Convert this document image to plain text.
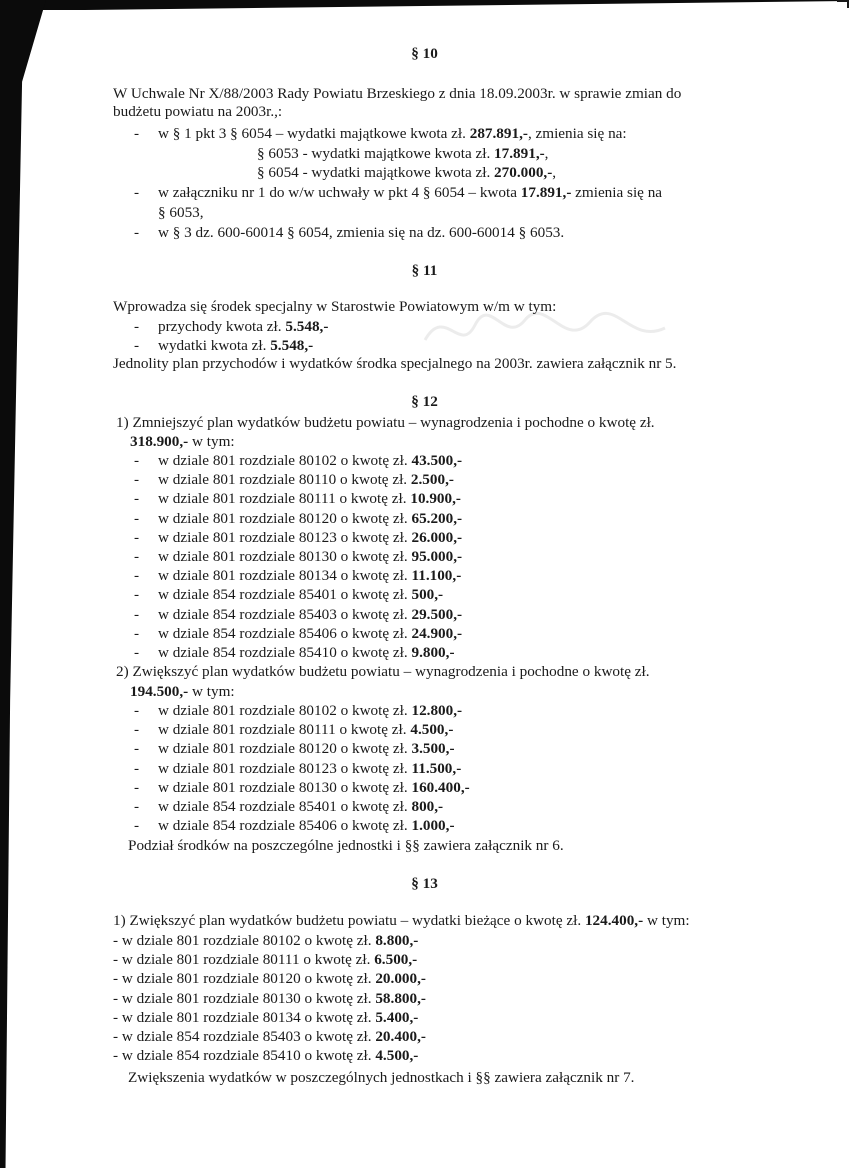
§ 10
W Uchwale Nr X/88/2003 Rady Powiatu Brzeskiego z dnia 18.09.2003r. w sprawie zmian do
budżetu powiatu na 2003r.,:
- w § 1 pkt 3 § 6054 – wydatki majątkowe kwota zł. 287.891,-, zmienia się na:
§ 6053 - wydatki majątkowe kwota zł. 17.891,-,
§ 6054 - wydatki majątkowe kwota zł. 270.000,-,
- w załączniku nr 1 do w/w uchwały w pkt 4 § 6054 – kwota 17.891,- zmienia się na
§ 6053,
- w § 3 dz. 600-60014 § 6054, zmienia się na dz. 600-60014 § 6053.
§ 11
Wprowadza się środek specjalny w Starostwie Powiatowym w/m w tym:
- przychody kwota zł. 5.548,-
- wydatki kwota zł. 5.548,-
Jednolity plan przychodów i wydatków środka specjalnego na 2003r. zawiera załącznik nr 5.
§ 12
1) Zmniejszyć plan wydatków budżetu powiatu – wynagrodzenia i pochodne o kwotę zł.
318.900,- w tym:
- w dziale 801 rozdziale 80102 o kwotę zł. 43.500,-
- w dziale 801 rozdziale 80110 o kwotę zł. 2.500,-
- w dziale 801 rozdziale 80111 o kwotę zł. 10.900,-
- w dziale 801 rozdziale 80120 o kwotę zł. 65.200,-
- w dziale 801 rozdziale 80123 o kwotę zł. 26.000,-
- w dziale 801 rozdziale 80130 o kwotę zł. 95.000,-
- w dziale 801 rozdziale 80134 o kwotę zł. 11.100,-
- w dziale 854 rozdziale 85401 o kwotę zł. 500,-
- w dziale 854 rozdziale 85403 o kwotę zł. 29.500,-
- w dziale 854 rozdziale 85406 o kwotę zł. 24.900,-
- w dziale 854 rozdziale 85410 o kwotę zł. 9.800,-
2) Zwiększyć plan wydatków budżetu powiatu – wynagrodzenia i pochodne o kwotę zł.
194.500,- w tym:
- w dziale 801 rozdziale 80102 o kwotę zł. 12.800,-
- w dziale 801 rozdziale 80111 o kwotę zł. 4.500,-
- w dziale 801 rozdziale 80120 o kwotę zł. 3.500,-
- w dziale 801 rozdziale 80123 o kwotę zł. 11.500,-
- w dziale 801 rozdziale 80130 o kwotę zł. 160.400,-
- w dziale 854 rozdziale 85401 o kwotę zł. 800,-
- w dziale 854 rozdziale 85406 o kwotę zł. 1.000,-
Podział środków na poszczególne jednostki i §§ zawiera załącznik nr 6.
§ 13
1) Zwiększyć plan wydatków budżetu powiatu – wydatki bieżące o kwotę zł. 124.400,- w tym:
- w dziale 801 rozdziale 80102 o kwotę zł. 8.800,-
- w dziale 801 rozdziale 80111 o kwotę zł. 6.500,-
- w dziale 801 rozdziale 80120 o kwotę zł. 20.000,-
- w dziale 801 rozdziale 80130 o kwotę zł. 58.800,-
- w dziale 801 rozdziale 80134 o kwotę zł. 5.400,-
- w dziale 854 rozdziale 85403 o kwotę zł. 20.400,-
- w dziale 854 rozdziale 85410 o kwotę zł. 4.500,-
Zwiększenia wydatków w poszczególnych jednostkach i §§ zawiera załącznik nr 7.
